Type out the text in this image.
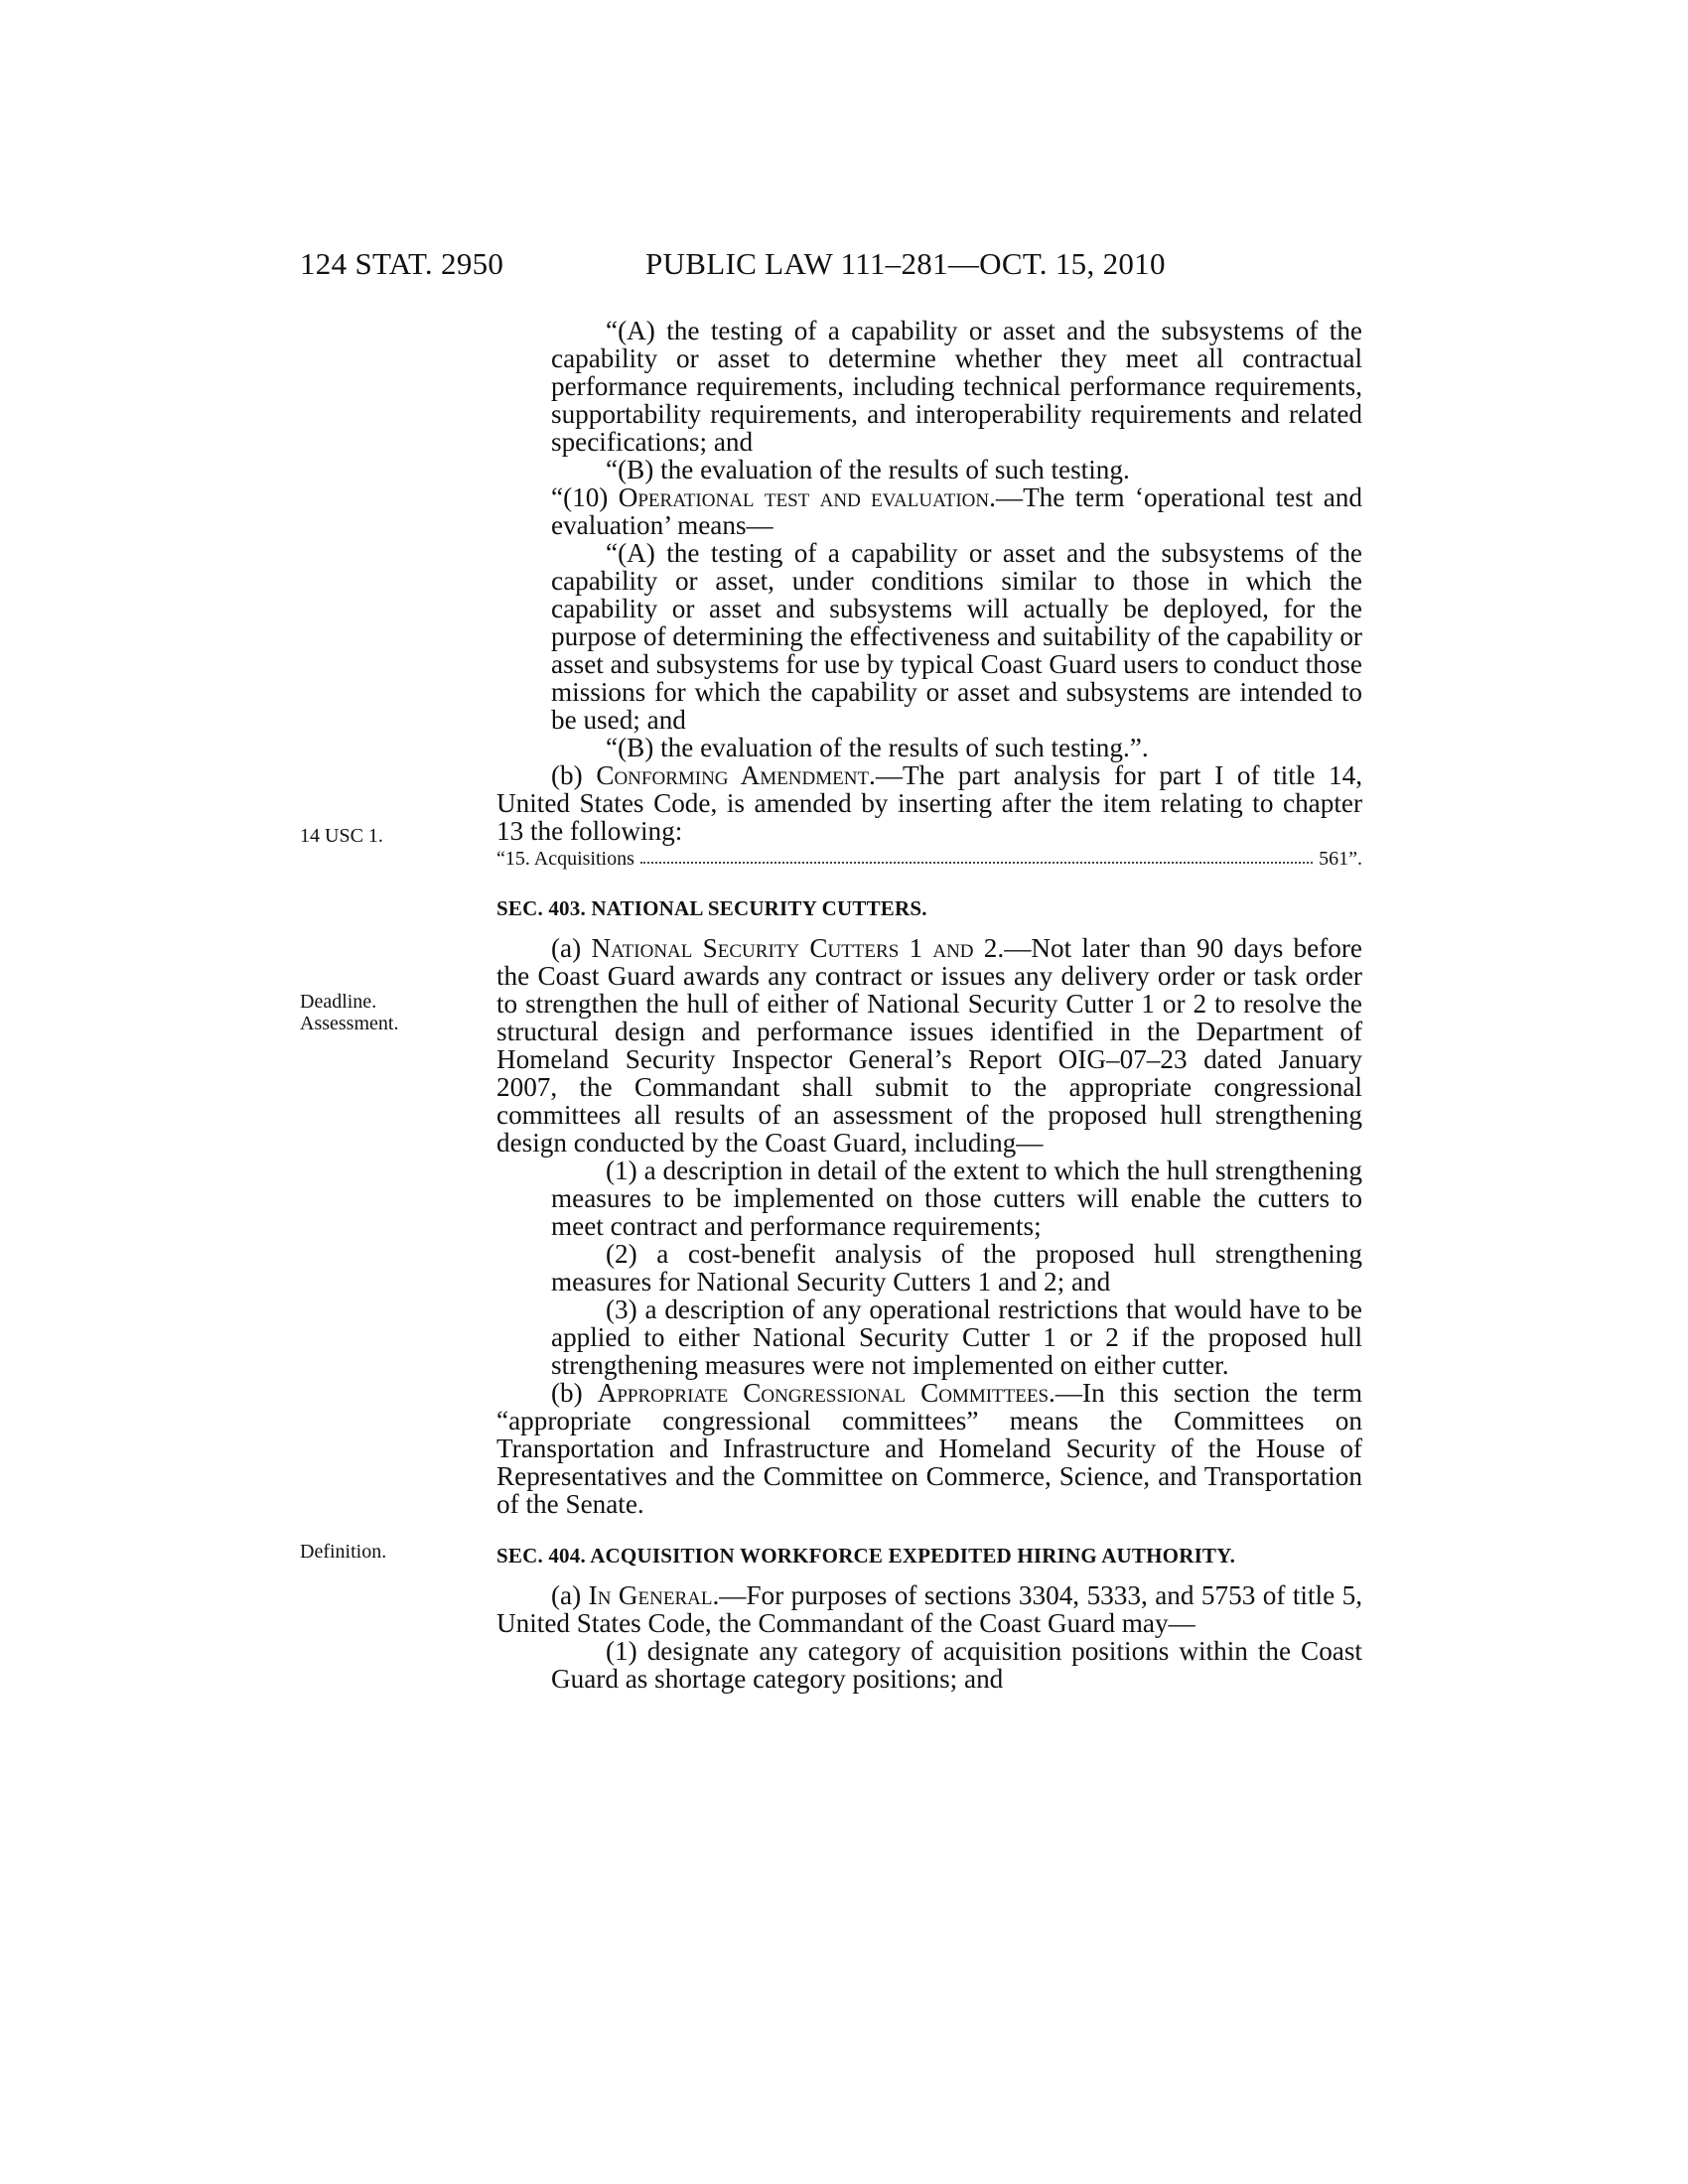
124 STAT. 2950	PUBLIC LAW 111–281—OCT. 15, 2010
14 USC 1.
Deadline.
Assessment.
Definition.

“(A) the testing of a capability or asset and the subsystems of the capability or asset to determine whether they meet all contractual performance requirements, including technical performance requirements, supportability requirements, and interoperability requirements and related specifications; and

“(B) the evaluation of the results of such testing.

“(10) Operational test and evaluation.—The term ‘operational test and evaluation’ means—

“(A) the testing of a capability or asset and the subsystems of the capability or asset, under conditions similar to those in which the capability or asset and subsystems will actually be deployed, for the purpose of determining the effectiveness and suitability of the capability or asset and subsystems for use by typical Coast Guard users to conduct those missions for which the capability or asset and subsystems are intended to be used; and

“(B) the evaluation of the results of such testing.”.

(b) Conforming Amendment.—The part analysis for part I of title 14, United States Code, is amended by inserting after the item relating to chapter 13 the following:

“15. Acquisitions	561”.
SEC. 403. NATIONAL SECURITY CUTTERS.

(a) National Security Cutters 1 and 2.—Not later than 90 days before the Coast Guard awards any contract or issues any delivery order or task order to strengthen the hull of either of National Security Cutter 1 or 2 to resolve the structural design and performance issues identified in the Department of Homeland Security Inspector General’s Report OIG–07–23 dated January 2007, the Commandant shall submit to the appropriate congressional committees all results of an assessment of the proposed hull strengthening design conducted by the Coast Guard, including—

(1) a description in detail of the extent to which the hull strengthening measures to be implemented on those cutters will enable the cutters to meet contract and performance requirements;

(2) a cost-benefit analysis of the proposed hull strengthening measures for National Security Cutters 1 and 2; and

(3) a description of any operational restrictions that would have to be applied to either National Security Cutter 1 or 2 if the proposed hull strengthening measures were not implemented on either cutter.

(b) Appropriate Congressional Committees.—In this section the term “appropriate congressional committees” means the Committees on Transportation and Infrastructure and Homeland Security of the House of Representatives and the Committee on Commerce, Science, and Transportation of the Senate.

SEC. 404. ACQUISITION WORKFORCE EXPEDITED HIRING AUTHORITY.

(a) In General.—For purposes of sections 3304, 5333, and 5753 of title 5, United States Code, the Commandant of the Coast Guard may—

(1) designate any category of acquisition positions within the Coast Guard as shortage category positions; and
